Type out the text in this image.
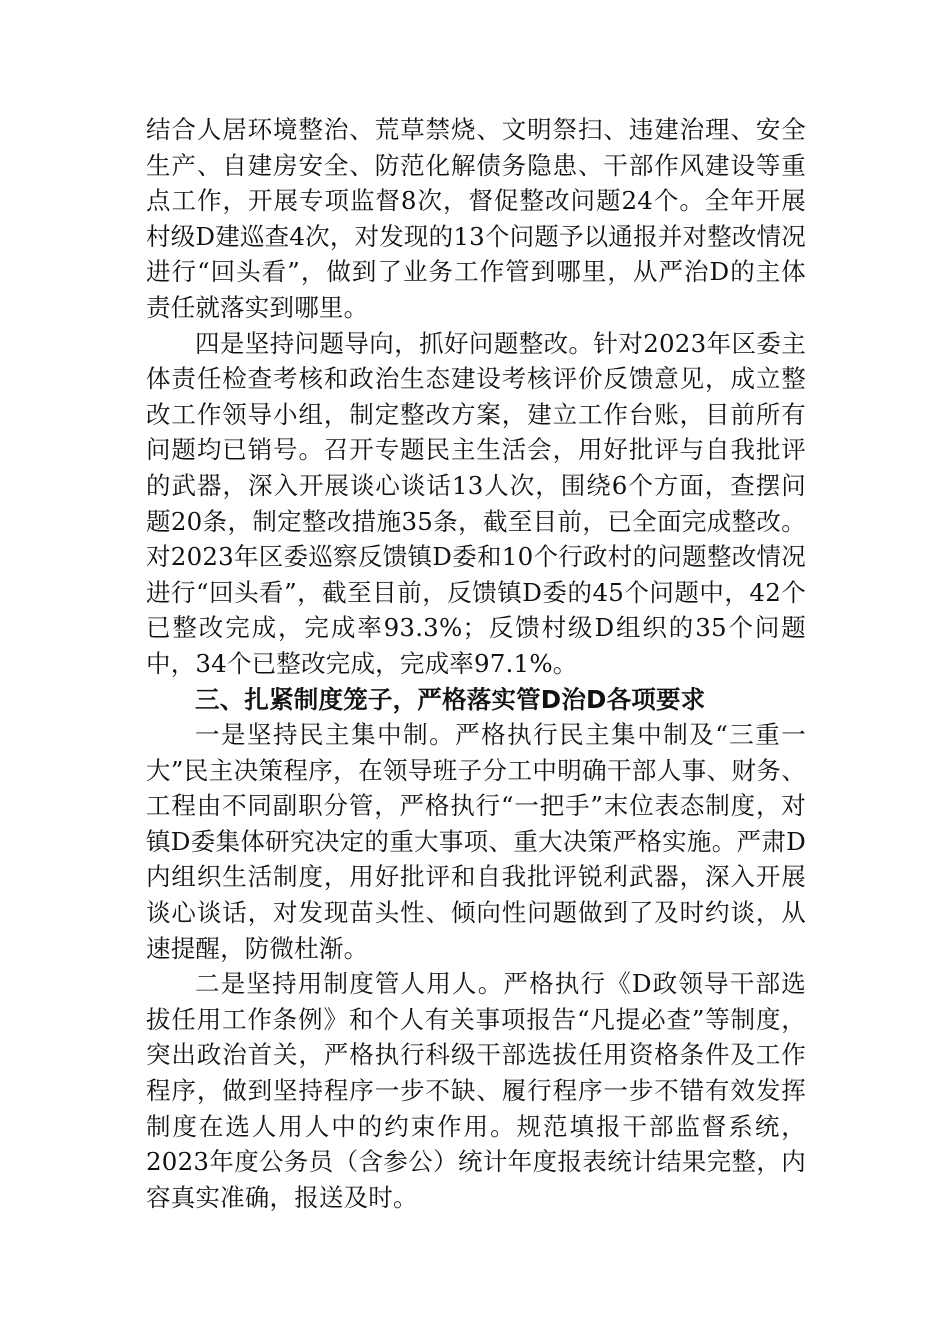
结合人居环境整治、荒草禁烧、文明祭扫、违建治理、安全生产、自建房安全、防范化解债务隐患、干部作风建设等重点工作，开展专项监督8次，督促整改问题24个。全年开展村级D建巡查4次，对发现的13个问题予以通报并对整改情况进行“回头看”，做到了业务工作管到哪里，从严治D的主体责任就落实到哪里。

四是坚持问题导向，抓好问题整改。针对2023年区委主体责任检查考核和政治生态建设考核评价反馈意见，成立整改工作领导小组，制定整改方案，建立工作台账，目前所有问题均已销号。召开专题民主生活会，用好批评与自我批评的武器，深入开展谈心谈话13人次，围绕6个方面，查摆问题20条，制定整改措施35条，截至目前，已全面完成整改。对2023年区委巡察反馈镇D委和10个行政村的问题整改情况进行“回头看”，截至目前，反馈镇D委的45个问题中，42个已整改完成，完成率93.3%；反馈村级D组织的35个问题中，34个已整改完成，完成率97.1%。

三、扎紧制度笼子，严格落实管D治D各项要求

一是坚持民主集中制。严格执行民主集中制及“三重一大”民主决策程序，在领导班子分工中明确干部人事、财务、工程由不同副职分管，严格执行“一把手”末位表态制度，对镇D委集体研究决定的重大事项、重大决策严格实施。严肃D内组织生活制度，用好批评和自我批评锐利武器，深入开展谈心谈话，对发现苗头性、倾向性问题做到了及时约谈，从速提醒，防微杜渐。

二是坚持用制度管人用人。严格执行《D政领导干部选拔任用工作条例》和个人有关事项报告“凡提必查”等制度，突出政治首关，严格执行科级干部选拔任用资格条件及工作程序，做到坚持程序一步不缺、履行程序一步不错有效发挥制度在选人用人中的约束作用。规范填报干部监督系统，2023年度公务员（含参公）统计年度报表统计结果完整，内容真实准确，报送及时。
